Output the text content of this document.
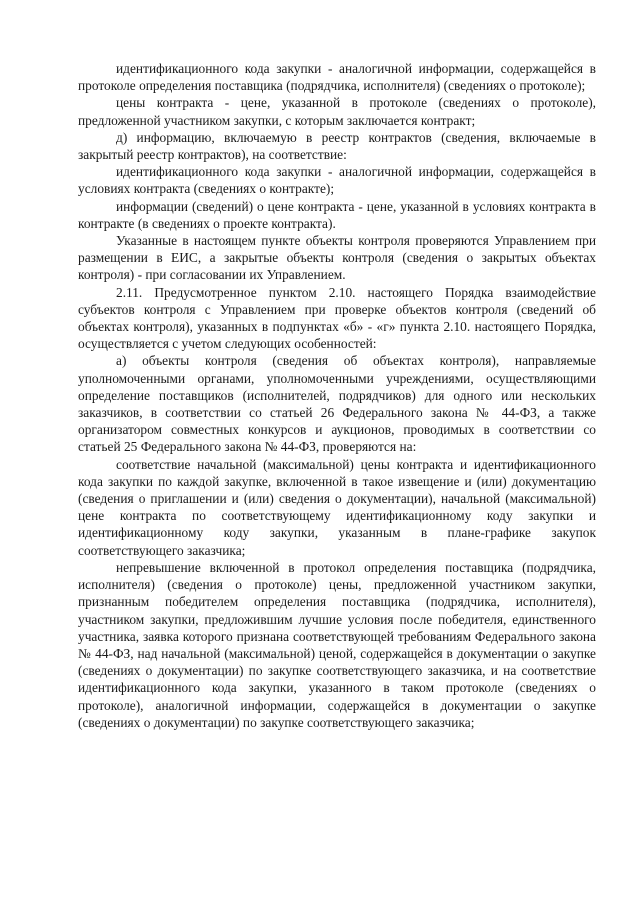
идентификационного кода закупки - аналогичной информации, содержащейся в протоколе определения поставщика (подрядчика, исполнителя) (сведениях о протоколе);

цены контракта - цене, указанной в протоколе (сведениях о протоколе), предложенной участником закупки, с которым заключается контракт;

д) информацию, включаемую в реестр контрактов (сведения, включаемые в закрытый реестр контрактов), на соответствие:

идентификационного кода закупки - аналогичной информации, содержащейся в условиях контракта (сведениях о контракте);

информации (сведений) о цене контракта - цене, указанной в условиях контракта в контракте (в сведениях о проекте контракта).

Указанные в настоящем пункте объекты контроля проверяются Управлением при размещении в ЕИС, а закрытые объекты контроля (сведения о закрытых объектах контроля) - при согласовании их Управлением.

2.11. Предусмотренное пунктом 2.10. настоящего Порядка взаимодействие субъектов контроля с Управлением при проверке объектов контроля (сведений об объектах контроля), указанных в подпунктах «б» - «г» пункта 2.10. настоящего Порядка, осуществляется с учетом следующих особенностей:

а) объекты контроля (сведения об объектах контроля), направляемые уполномоченными органами, уполномоченными учреждениями, осуществляющими определение поставщиков (исполнителей, подрядчиков) для одного или нескольких заказчиков, в соответствии со статьей 26 Федерального закона № 44-ФЗ, а также организатором совместных конкурсов и аукционов, проводимых в соответствии со статьей 25 Федерального закона № 44-ФЗ, проверяются на:

соответствие начальной (максимальной) цены контракта и идентификационного кода закупки по каждой закупке, включенной в такое извещение и (или) документацию (сведения о приглашении и (или) сведения о документации), начальной (максимальной) цене контракта по соответствующему идентификационному коду закупки и идентификационному коду закупки, указанным в плане-графике закупок соответствующего заказчика;

непревышение включенной в протокол определения поставщика (подрядчика, исполнителя) (сведения о протоколе) цены, предложенной участником закупки, признанным победителем определения поставщика (подрядчика, исполнителя), участником закупки, предложившим лучшие условия после победителя, единственного участника, заявка которого признана соответствующей требованиям Федерального закона № 44-ФЗ, над начальной (максимальной) ценой, содержащейся в документации о закупке (сведениях о документации) по закупке соответствующего заказчика, и на соответствие идентификационного кода закупки, указанного в таком протоколе (сведениях о протоколе), аналогичной информации, содержащейся в документации о закупке (сведениях о документации) по закупке соответствующего заказчика;
